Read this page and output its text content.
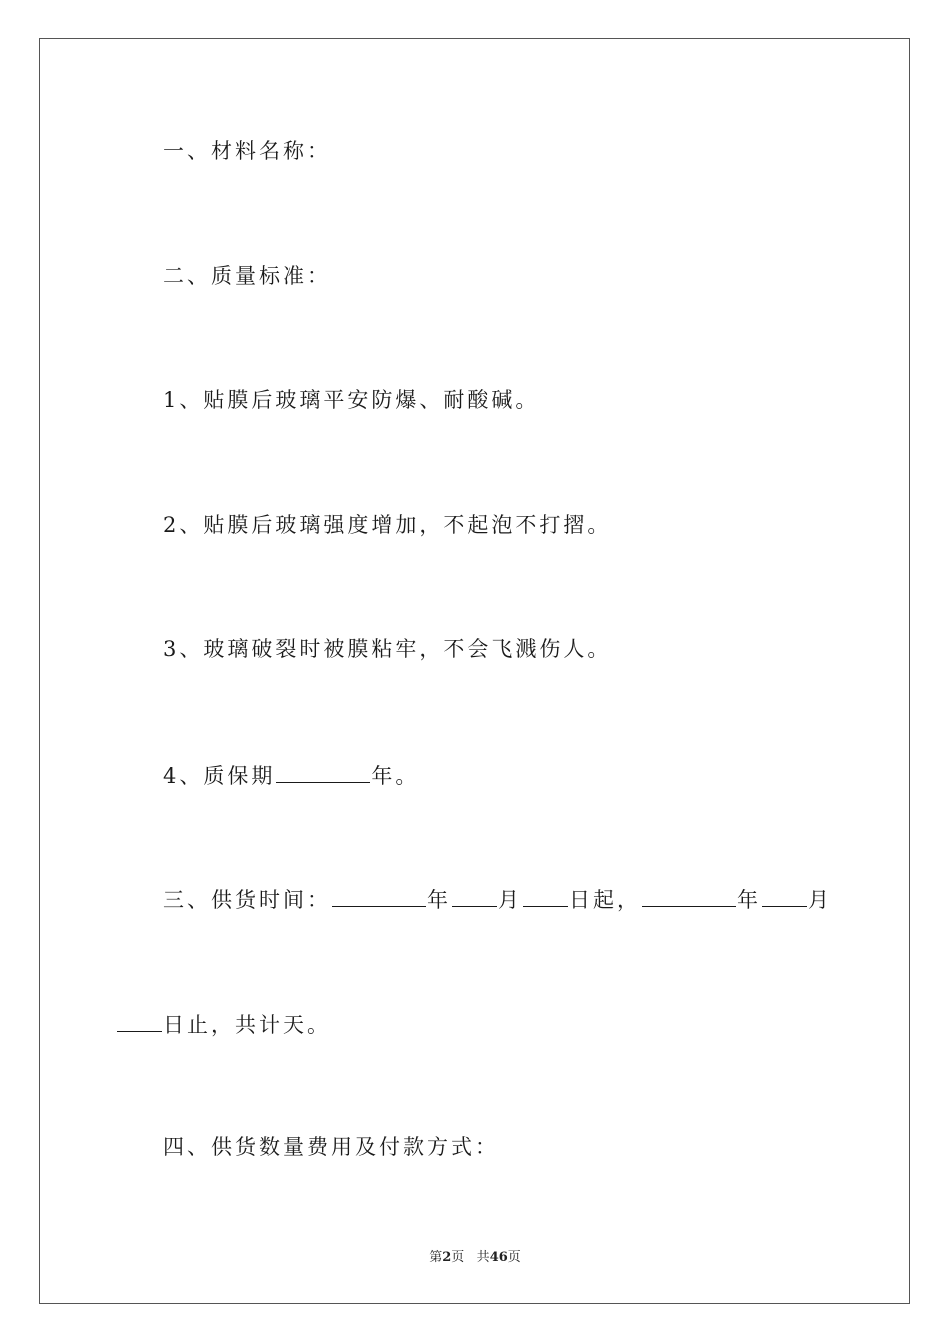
一、材料名称：
二、质量标准：
1、贴膜后玻璃平安防爆、耐酸碱。
2、贴膜后玻璃强度增加，不起泡不打摺。
3、玻璃破裂时被膜粘牢，不会飞溅伤人。
4、质保期	年。
三、供货时间：	年 月 日起，	年 月
日止，共计天。
四、供货数量费用及付款方式：
第2页 共46页
